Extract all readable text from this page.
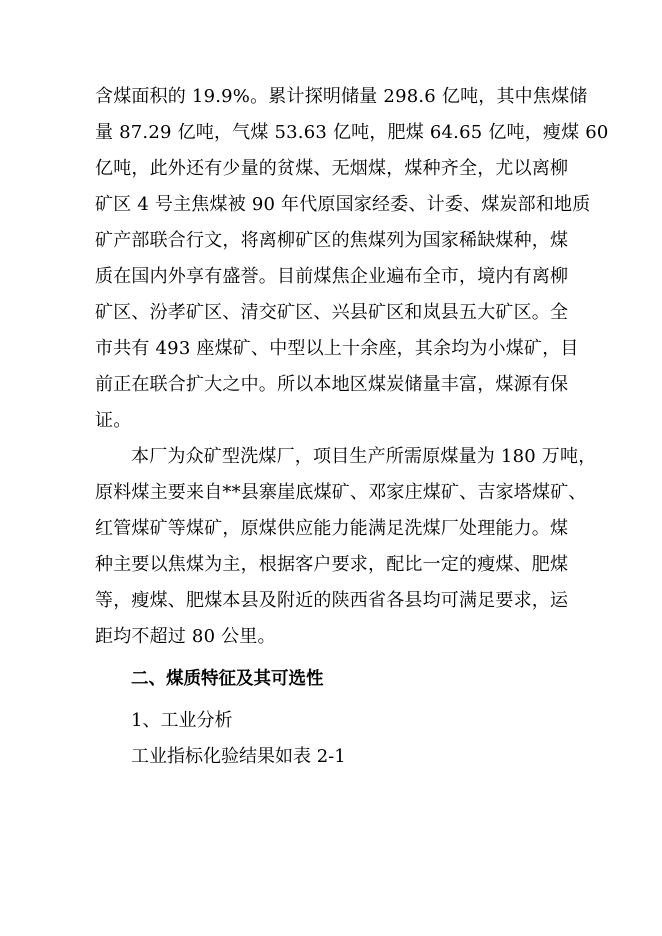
含煤面积的 19.9%。累计探明储量 298.6 亿吨，其中焦煤储
量 87.29 亿吨，气煤 53.63 亿吨，肥煤 64.65 亿吨，瘦煤 60
亿吨，此外还有少量的贫煤、无烟煤，煤种齐全，尤以离柳
矿区 4 号主焦煤被 90 年代原国家经委、计委、煤炭部和地质
矿产部联合行文，将离柳矿区的焦煤列为国家稀缺煤种，煤
质在国内外享有盛誉。目前煤焦企业遍布全市，境内有离柳
矿区、汾孝矿区、清交矿区、兴县矿区和岚县五大矿区。全
市共有 493 座煤矿、中型以上十余座，其余均为小煤矿，目
前正在联合扩大之中。所以本地区煤炭储量丰富，煤源有保
证。
本厂为众矿型洗煤厂，项目生产所需原煤量为 180 万吨，
原料煤主要来自**县寨崖底煤矿、邓家庄煤矿、吉家塔煤矿、
红管煤矿等煤矿，原煤供应能力能满足洗煤厂处理能力。煤
种主要以焦煤为主，根据客户要求，配比一定的瘦煤、肥煤
等，瘦煤、肥煤本县及附近的陕西省各县均可满足要求，运
距均不超过 80 公里。
二、煤质特征及其可选性
1、工业分析
工业指标化验结果如表 2-1
